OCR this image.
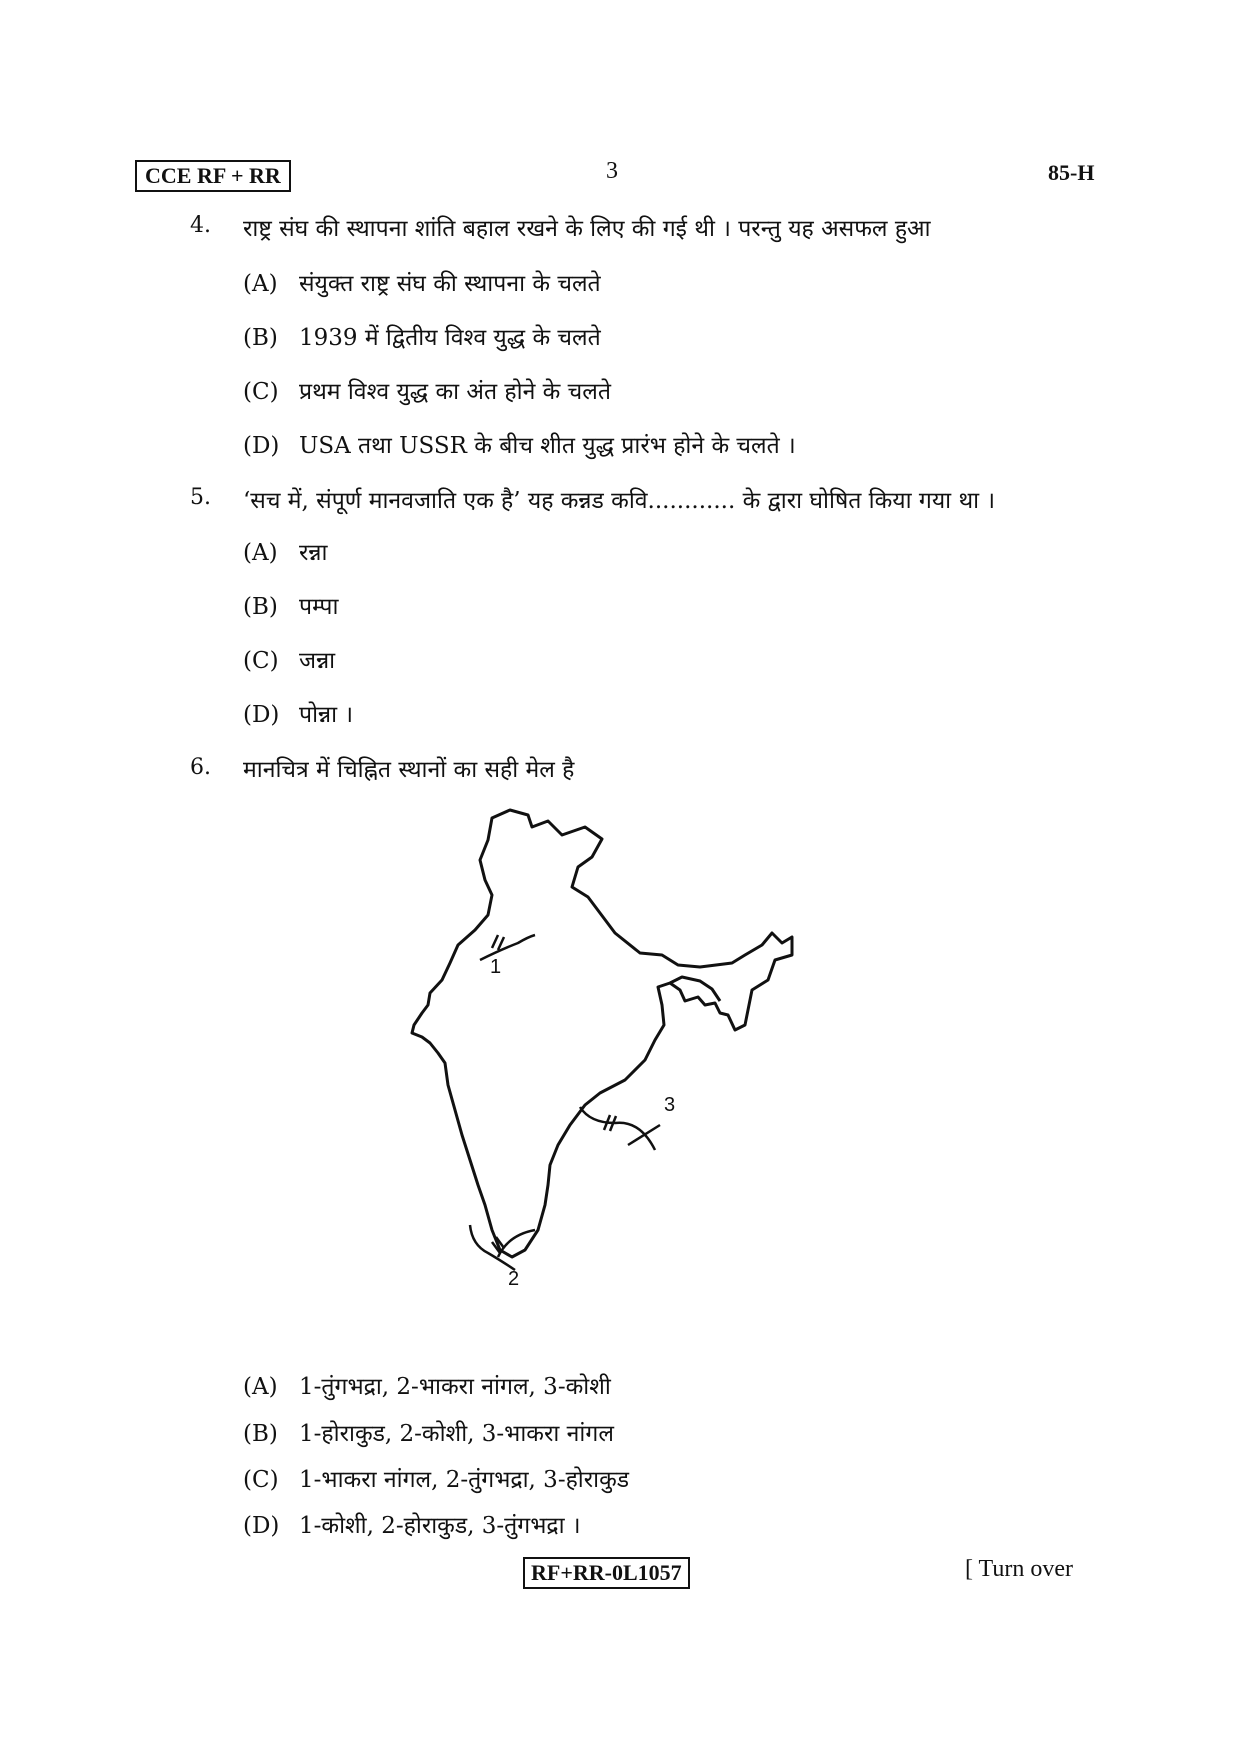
CCE RF + RR	3	85-H
4. राष्ट्र संघ की स्थापना शांति बहाल रखने के लिए की गई थी । परन्तु यह असफल हुआ
(A) संयुक्त राष्ट्र संघ की स्थापना के चलते
(B) 1939 में द्वितीय विश्व युद्ध के चलते
(C) प्रथम विश्व युद्ध का अंत होने के चलते
(D) USA तथा USSR के बीच शीत युद्ध प्रारंभ होने के चलते ।
5. ‘सच में, संपूर्ण मानवजाति एक है’ यह कन्नड कवि............ के द्वारा घोषित किया गया था ।
(A) रन्ना
(B) पम्पा
(C) जन्ना
(D) पोन्ना ।
6. मानचित्र में चिह्नित स्थानों का सही मेल है
1
2
3
(A) 1-तुंगभद्रा, 2-भाकरा नांगल, 3-कोशी
(B) 1-होराकुड, 2-कोशी, 3-भाकरा नांगल
(C) 1-भाकरा नांगल, 2-तुंगभद्रा, 3-होराकुड
(D) 1-कोशी, 2-होराकुड, 3-तुंगभद्रा ।
RF+RR-0L1057	[ Turn over
